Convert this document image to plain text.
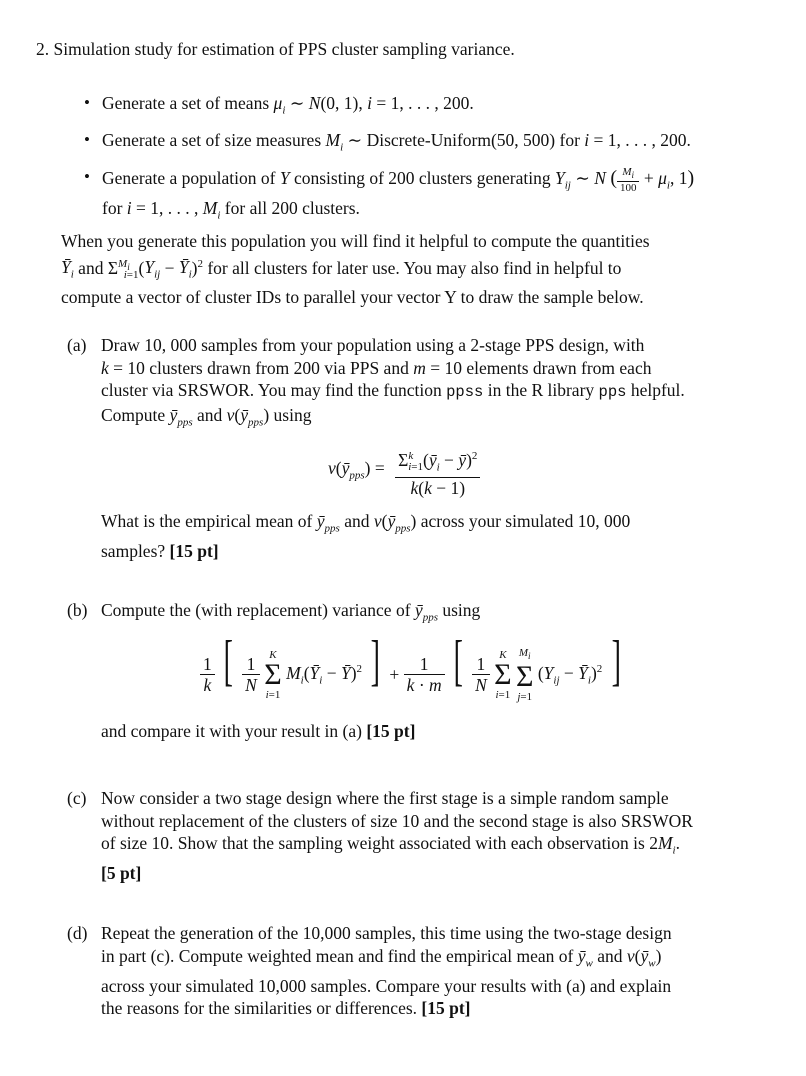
2. Simulation study for estimation of PPS cluster sampling variance.
• Generate a set of means $\mu_i$ ∼ N(0, 1), i = 1, . . . , 200.
• Generate a set of size measures $M_i$ ∼ Discrete-Uniform(50, 500) for i = 1, . . . , 200.
• Generate a population of Y consisting of 200 clusters generating $Y_{ij}$ ∼ N ( $\frac{M_i}{100} + \mu_i$, 1)
for i = 1, . . . , $M_i$ for all 200 clusters.
When you generate this population you will find it helpful to compute the quantities
$Ȳ_i$ and $\Sigma^{M_i}_{i=1}(Y_{ij}$ − $Ȳ_i)^2$ for all clusters for later use. You may also find in helpful to
compute a vector of cluster IDs to parallel your vector Y to draw the sample below.
(a) Draw 10, 000 samples from your population using a 2-stage PPS design, with
k = 10 clusters drawn from 200 via PPS and m = 10 elements drawn from each
cluster via SRSWOR. You may find the function ppss in the R library pps helpful.
Compute $ȳ_{pps}$ and $v(ȳ_{pps})$ using
$v(ȳ_{pps}) = \frac{\Sigma^k_{i=1}(ȳ_i - ȳ)^2}{k(k - 1)}$
What is the empirical mean of $ȳ_{pps}$ and $v(ȳ_{pps})$ across your simulated 10, 000
samples? [15 pt]
(b) Compute the (with replacement) variance of $ȳ_{pps}$ using
$\frac{1}{k}$ [ $\frac{1}{N}$
K
Σ
i=1
$M_i(Ȳ_i$ − Ȳ)$^2$ ] + $\frac{1}{k \cdot m}$ [ $\frac{1}{N}$
K
Σ
i=1

$M_i$
Σ
j=1
($Y_{ij}$ − $Ȳ_i)^2$ ]
and compare it with your result in (a) [15 pt]
(c) Now consider a two stage design where the first stage is a simple random sample
without replacement of the clusters of size 10 and the second stage is also SRSWOR
of size 10. Show that the sampling weight associated with each observation is $2M_i$.
[5 pt]
(d) Repeat the generation of the 10,000 samples, this time using the two-stage design
in part (c). Compute weighted mean and find the empirical mean of $ȳ_w$ and $v(ȳ_w)$
across your simulated 10,000 samples. Compare your results with (a) and explain
the reasons for the similarities or differences. [15 pt]
